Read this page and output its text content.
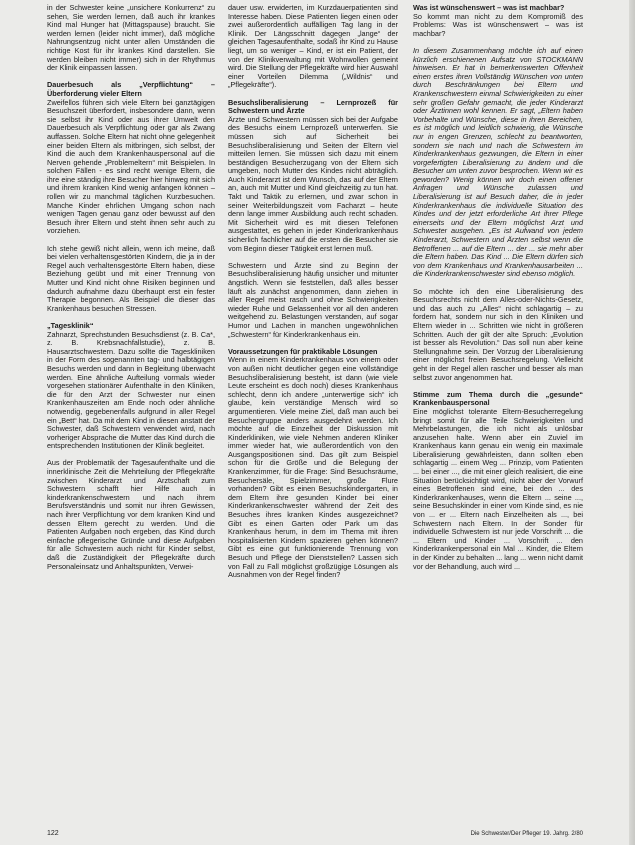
in der Schwester keine „unsichere Konkurrenz“ zu sehen, Sie werden lernen, daß auch ihr krankes Kind mal Hunger hat (Mittagspause) braucht. Sie werden lernen (leider nicht immer), daß mögliche Nahrungsentzug nicht unter allen Umständen die richtige Kost für ihr krankes Kind darstellen. Sie werden bleiben nicht immer) sich in der Rhythmus der Klinik einpassen lassen.

Dauerbesuch als „Verpflichtung“ – Überforderung vieler Eltern

Zweifellos führen sich viele Eltern bei ganztägigen Besuchszeit überfordert, insbesondere dann, wenn sie selbst ihr Kind oder aus ihrer Umwelt den Dauerbesuch als Verpflichtung oder gar als Zwang auffassen. Solche Eltern hat nicht ohne gelegenheit einer beiden Eltern als mitbringen, sich selbst, der Kind die auch dem Krankenhauspersonal auf die Nerven gehende „Problemeltern“ mit Beispielen. In solchen Fällen - es sind recht wenige Eltern, die ihre eine ständig ihre Besucher hier hinweg mit sich und ihrem kranken Kind wenig anfangen können – rollen wir zu manchmal täglichen Kurzbesuchen. Manche Kinder ehrlichen Umgang schon nach wenigen Tagen genau ganz oder bewusst auf den Besuch ihrer Eltern und steht ihnen sehr auch zu vorziehen.

Ich stehe gewiß nicht allein, wenn ich meine, daß bei vielen verhaltensgestörten Kindern, die ja in der Regel auch verhaltensgestörte Eltern haben, diese Beziehung geübt und mit einer Trennung von Mutter und Kind nicht ohne Risiken beginnen und dadurch aufnahme dazu überhaupt erst ein fester Therapie begonnen. Als Beispiel die dieser das Krankenhaus besuchen Stressen.

„Tagesklinik“

Zahnarzt, Sprechstunden Besuchsdienst (z. B. Ca*, z. B. Krebsnachfallstudie), z. B. Hausarztschwestern. Dazu sollte die Tageskliniken in der Form des sogenannten tag- und halbtägigen Besuchs werden und dann in Begleitung überwacht werden. Eine ähnliche Aufteilung vormals wieder vorgesehen stationärer Aufenthalte in den Kliniken, die für den Arzt der Schwester nur einen Krankenhauszeiten am Ende noch oder ähnliche notwendig, gegebenenfalls aufgrund in aller Regel ein „Bett“ hat. Da mit dem Kind in diesen anstatt der Schwester, daß Schwestern verwendet wird, nach vorheriger Absprache die Mutter das Kind durch die entsprechenden Institutionen der Klinik begleitet.

Aus der Problematik der Tagesaufenthalte und die innerklinische Zeit die Mehrteilung der Pflegekräfte zwischen Kinderarzt und Arztschaft zum Schwestern schafft hier Hilfe auch in kinderkrankenschwestern und nach ihrem Berufsverständnis und somit nur ihren Gewissen, nach ihrer Verpflichtung vor dem kranken Kind und dessen Eltern gerecht zu werden. Und die Patienten Aufgaben noch ergeben, das Kind durch einfache pflegerische Gründe und diese Aufgaben für alle Schwestern auch nicht für Kinder selbst, daß die Zuständigkeit der Pflegekräfte durch Personaleinsatz und Anhaltspunkten, Verwei-

dauer usw. erwiderten, im Kurzdauerpatienten sind Interesse haben. Diese Patienten liegen einen oder zwei außerordentlich auffälligen Tag lang in der Klinik. Der Längsschnitt dagegen „lange“ der gleichen Tagesaufenthalte, sodaß ihr Kind zu Hause liegt, um so weniger – Kind, er ist ein Patient, der von der Klinikverwaltung mit Wohnwollen gemeint wird. Die Stellung der Pflegekräfte wird hier Auswahl einer Vorteilen Dilemma („Wildnis“ und „Pflegekräfte“).

Besuchsliberalisierung – Lernprozeß für Schwestern und Ärzte

Ärzte und Schwestern müssen sich bei der Aufgabe des Besuchs einem Lernprozeß unterwerfen. Sie müssen sich auf Sicherheit bei Besuchsliberalisierung und Seiten der Eltern viel mitteilen lernen. Sie müssen sich dazu mit einem beständigen Besucherzugang von der Eltern sich umgeben, noch Mutter des Kindes nicht abträglich. Auch Kinderarzt ist dem Wunsch, das auf der Eltern an, auch mit Mutter und Kind gleichzeitig zu tun hat. Takt und Taktik zu erlernen, und zwar schon in seiner Weiterbildungszeit vom Facharzt – heute denn lange immer Ausbildung auch recht schaden. Mit Sicherheit wird es mit diesen Telefonen ausgestattet, es gehen in jeder Kinderkrankenhaus sicherlich fachlicher auf die ersten die Besucher sie vom Beginn dieser Tätigkeit erst lernen muß.

Schwestern und Ärzte sind zu Beginn der Besuchsliberalisierung häufig unsicher und mitunter ängstlich. Wenn sie feststellen, daß alles besser läuft als zunächst angenommen, dann ziehen in aller Regel meist rasch und ohne Schwierigkeiten wieder Ruhe und Gelassenheit vor all den anderen weitgehend zu. Belastungen verstanden, auf sogar Humor und Lachen in manchen ungewöhnlichen „Schwestern“ für Kinderkrankenhaus ein.

Voraussetzungen für praktikable Lösungen

Wenn in einem Kinderkrankenhaus von einem oder von außen nicht deutlicher gegen eine vollständige Besuchsliberalisierung besteht, ist dann (wie viele Leute erscheint es doch noch) dieses Krankenhaus schlecht, denn ich andere „unterwertige sich“ ich glaube, kein verständige Mensch wird so argumentieren. Viele meine Ziel, daß man auch bei Besuchergruppe anders ausgedehnt werden. Ich möchte auf die Einzelheit der Diskussion mit Kinderkliniken, wie viele Nehmen anderen Kliniker immer wieder hat, wie außerordentlich von den Ausgangspositionen sind. Das gilt zum Beispiel schon für die Größe und die Belegung der Krankenzimmer, für die Frage: Sind Besuchsräume, Besuchersäle, Spielzimmer, große Flure vorhanden? Gibt es einen Besuchskindergarten, in dem Eltern ihre gesunden Kinder bei einer Kinderkrankenschwester während der Zeit des Besuches ihres kranken Kindes ausgezeichnet? Gibt es einen Garten oder Park um das Krankenhaus herum, in dem im Thema mit ihren hospitalisierten Kindern spazieren gehen können? Gibt es eine gut funktionierende Trennung von Besuch und Pflege der Dienststellen? Lassen sich von Fall zu Fall möglichst großzügige Lösungen als Ausnahmen von der Regel finden?

Was ist wünschenswert – was ist machbar?

So kommt man nicht zu dem Kompromiß des Problems: Was ist wünschenswert – was ist machbar?

In diesem Zusammenhang möchte ich auf einen kürzlich erschienenen Aufsatz von STOCKMANN hinweisen. Er hat in bemerkenswerten Offenheit einen erstes ihren Vollständig Wünschen von unten durch Beschränkungen bei Eltern und Krankenschwestern einmal Schwierigkeiten zu einer sehr großen Gefahr gemacht, die jeder Kinderarzt oder Ärztinnen wohl kennen. Er sagt, „Eltern haben Vorbehalte und Wünsche, diese in ihren Bereichen, es ist möglich und leidlich schwierig, die Wünsche nur in engen Grenzen, schlecht zu beantworten, sondern sie nach und nach die Schwestern im Kinderkrankenhaus gezwungen, die Eltern in einer vorgefertigten Liberalisierung zu ändern und die Besucher um unten zuvor besprochen. Wenn wir es geworden? Wenig können wir doch einen offener Anfragen und Wünsche zulassen und Liberalisierung ist auf Besuch daher, die in jeder Kinderkrankenhaus die individuelle Situation des Kindes und der jetzt erforderliche Art ihrer Pflege einerseits und der Eltern möglichst Arzt und Schwester ausgehen. „Es ist Aufwand von jedem Kinderarzt, Schwestern und Ärzten selbst wenn die Betroffenen ... auf die Eltern ... der ... sie mehr aber die Eltern haben. Das Kind ... Die Eltern dürfen sich von dem Krankenhaus und Krankenhausarbeiten ... die Kinderkrankenschwester sind ebenso möglich.

So möchte ich den eine Liberalisierung des Besuchsrechts nicht dem Alles-oder-Nichts-Gesetz, und das auch zu „Alles“ nicht schlagartig – zu fordern hat, sondern nur sich in den Kliniken und Eltern wieder in ... Schritten wie nicht in größeren Schritten. Auch der gilt der alte Spruch: „Evolution ist besser als Revolution.“ Das soll nun aber keine Stellungnahme sein. Der Vorzug der Liberalisierung einer möglichst freien Besuchsregelung. Vielleicht geht in der Regel allen rascher und besser als man selbst zuvor angenommen hat.

Stimme zum Thema durch die „gesunde“ Krankenbauspersonal

Eine möglichst tolerante Eltern-Besucherregelung bringt somit für alle Teile Schwierigkeiten und Mehrbelastungen, die ich nicht als unlösbar anzusehen halte. Wenn aber ein Zuviel im Krankenhaus kann genau ein wenig ein maximale Liberalisierung gewährleisten, dann sollten eben schlagartig ... einem Weg ... Prinzip, vom Patienten ... bei einer ..., die mit einer gleich realisiert, die eine Situation berücksichtigt wird, nicht aber der Vorwurf eines Betroffenen sind eine, bei den ... des Kinderkrankenhauses, wenn die Eltern ... seine ..., seine Besuchskinder in einer vom Kinde sind, es nie von ... er ... Eltern nach Einzelheiten als ..., bei Schwestern nach Eltern. In der Sonder für individuelle Schwestern ist nur jede Vorschrift ... die ... Eltern und Kinder ... Vorschrift ... den Kinderkrankenpersonal ein Mal ... Kinder, die Eltern in der Kinder zu behalten ... lang ... wenn nicht damit vor der Behandlung, auch wird ...

122	Die Schwester/Der Pfleger 19. Jahrg. 2/80
